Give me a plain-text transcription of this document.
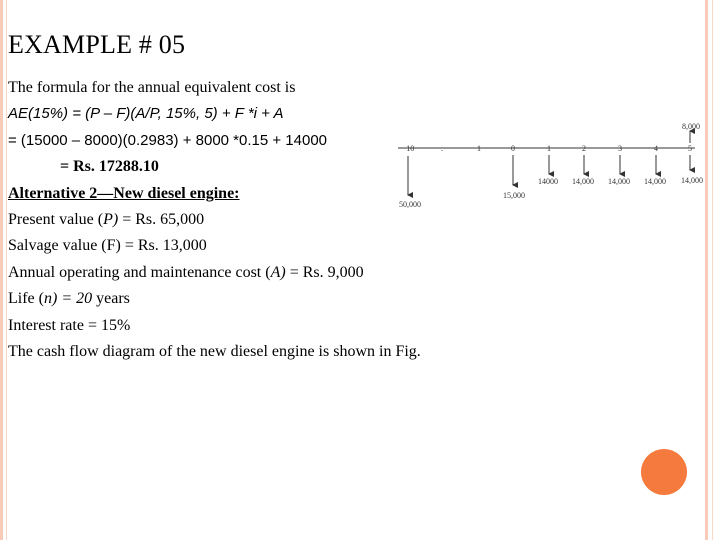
EXAMPLE # 05
The formula for the annual equivalent cost is
AE(15%) = (P – F)(A/P, 15%, 5) + F *i + A
= (15000 – 8000)(0.2983) + 8000 *0.15 + 14000
= Rs. 17288.10
Alternative 2—New diesel engine:
Present value (P) = Rs. 65,000
Salvage value (F) = Rs. 13,000
Annual operating and maintenance cost (A) = Rs. 9,000
Life (n) = 20 years
Interest rate = 15%
The cash flow diagram of the new diesel engine is shown in Fig.
−10	.	1	0	1	2	3	4	5
50,000
15,000
14000 14,000 14,000 14,000 14,000
8,000
